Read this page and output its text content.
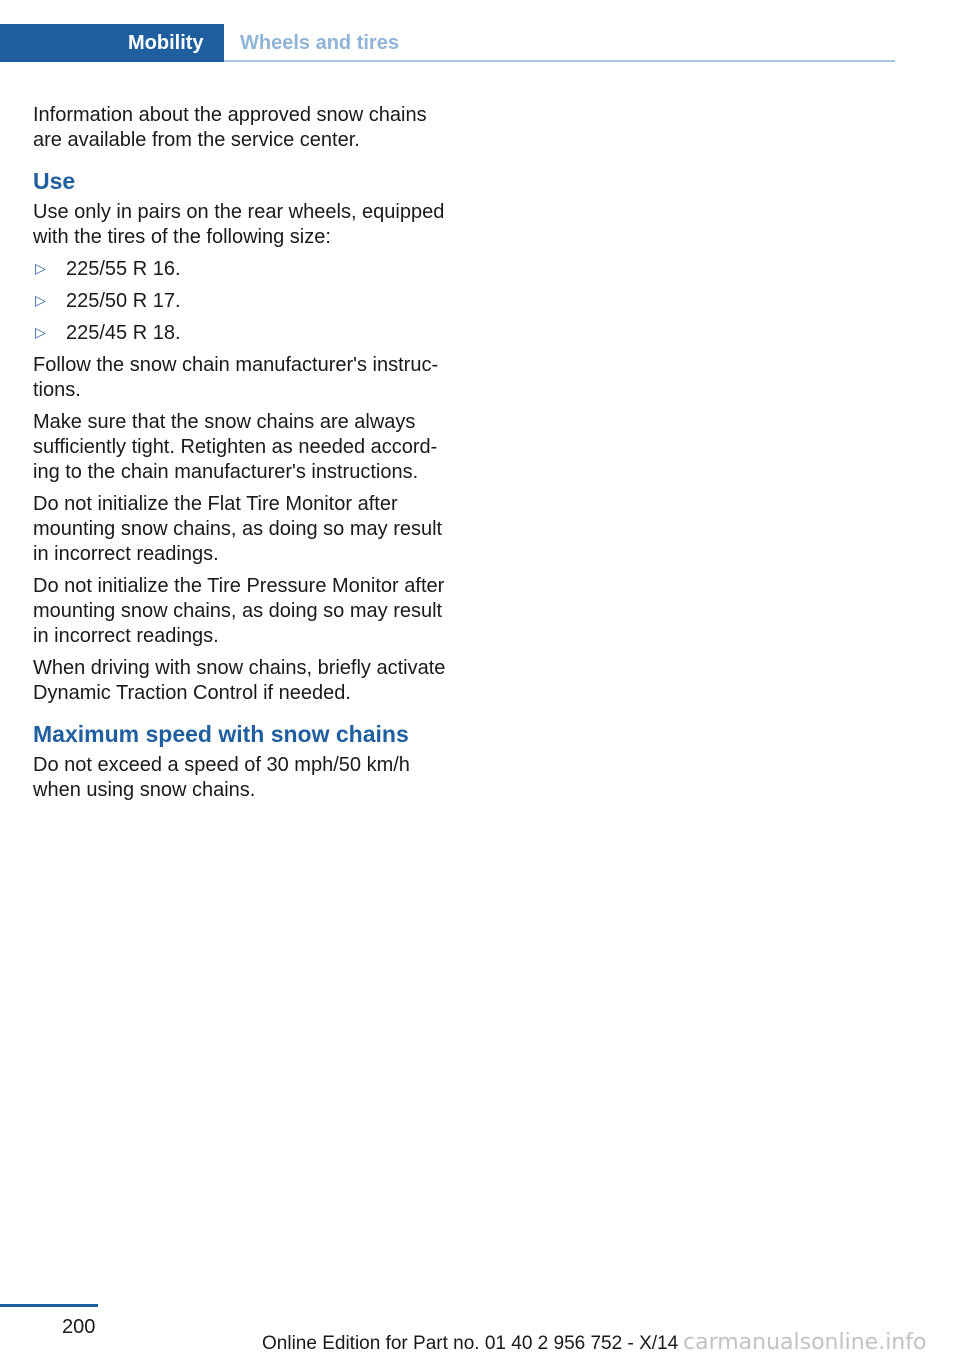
Mobility	Wheels and tires

Information about the approved snow chains are available from the service center.

Use

Use only in pairs on the rear wheels, equipped with the tires of the following size:

▷ 225/55 R 16.
▷ 225/50 R 17.
▷ 225/45 R 18.

Follow the snow chain manufacturer's instruc‐tions.

Make sure that the snow chains are always sufficiently tight. Retighten as needed accord‐ing to the chain manufacturer's instructions.

Do not initialize the Flat Tire Monitor after mounting snow chains, as doing so may result in incorrect readings.

Do not initialize the Tire Pressure Monitor after mounting snow chains, as doing so may result in incorrect readings.

When driving with snow chains, briefly activate Dynamic Traction Control if needed.

Maximum speed with snow chains

Do not exceed a speed of 30 mph/50 km/h when using snow chains.

200
Online Edition for Part no. 01 40 2 956 752 - X/14 carmanualsonline.info
